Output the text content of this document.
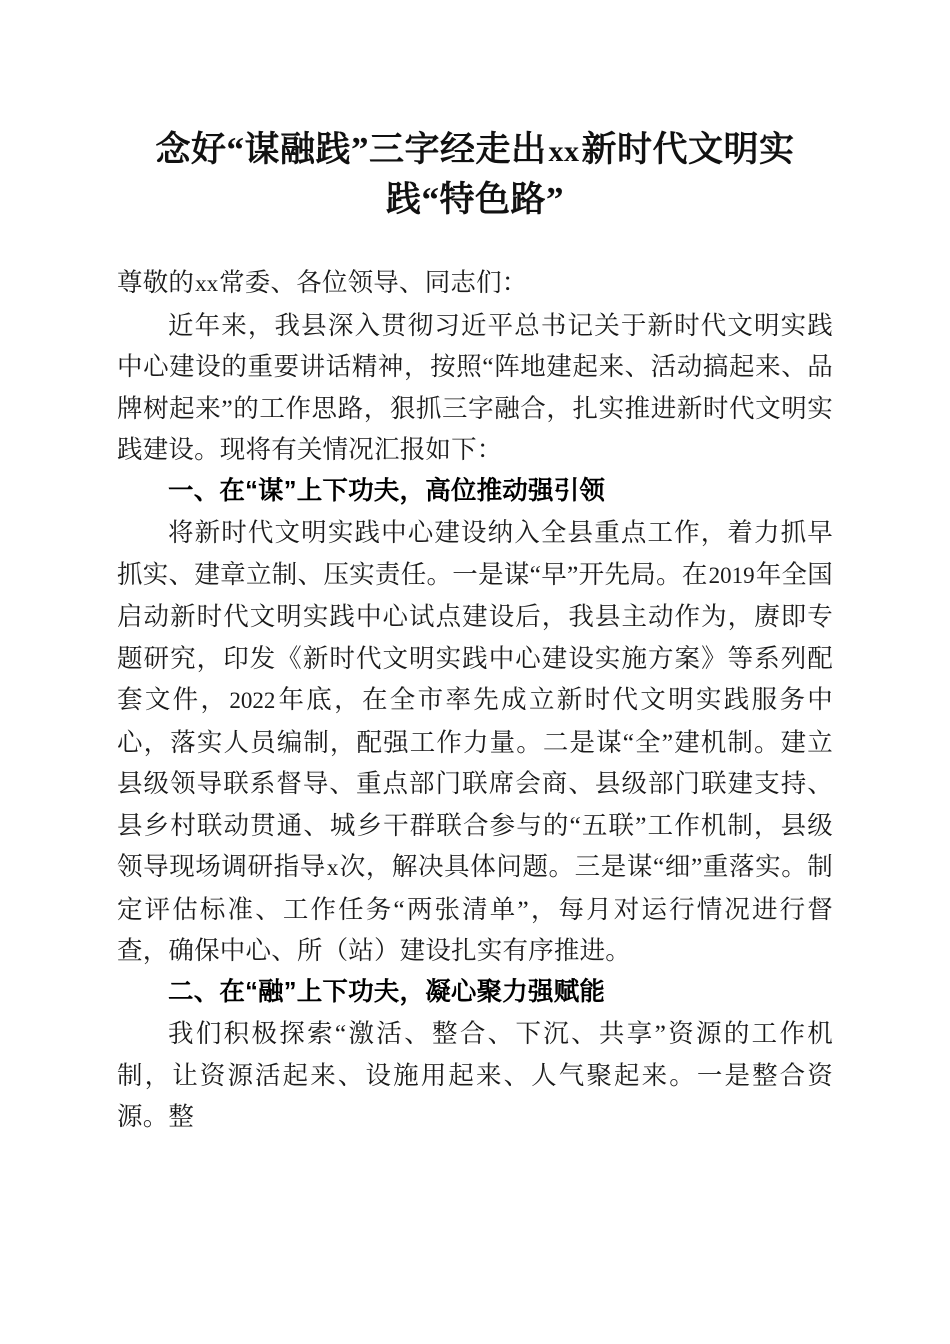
念好“谋融践”三字经走出xx新时代文明实
践“特色路”

尊敬的xx常委、各位领导、同志们：

近年来，我县深入贯彻习近平总书记关于新时代文明实践中心建设的重要讲话精神，按照“阵地建起来、活动搞起来、品牌树起来”的工作思路，狠抓三字融合，扎实推进新时代文明实践建设。现将有关情况汇报如下：

一、在“谋”上下功夫，高位推动强引领

将新时代文明实践中心建设纳入全县重点工作，着力抓早抓实、建章立制、压实责任。一是谋“早”开先局。在2019年全国启动新时代文明实践中心试点建设后，我县主动作为，赓即专题研究，印发《新时代文明实践中心建设实施方案》等系列配套文件，2022年底，在全市率先成立新时代文明实践服务中心，落实人员编制，配强工作力量。二是谋“全”建机制。建立县级领导联系督导、重点部门联席会商、县级部门联建支持、县乡村联动贯通、城乡干群联合参与的“五联”工作机制，县级领导现场调研指导x次，解决具体问题。三是谋“细”重落实。制定评估标准、工作任务“两张清单”，每月对运行情况进行督查，确保中心、所（站）建设扎实有序推进。

二、在“融”上下功夫，凝心聚力强赋能

我们积极探索“激活、整合、下沉、共享”资源的工作机制，让资源活起来、设施用起来、人气聚起来。一是整合资源。整
